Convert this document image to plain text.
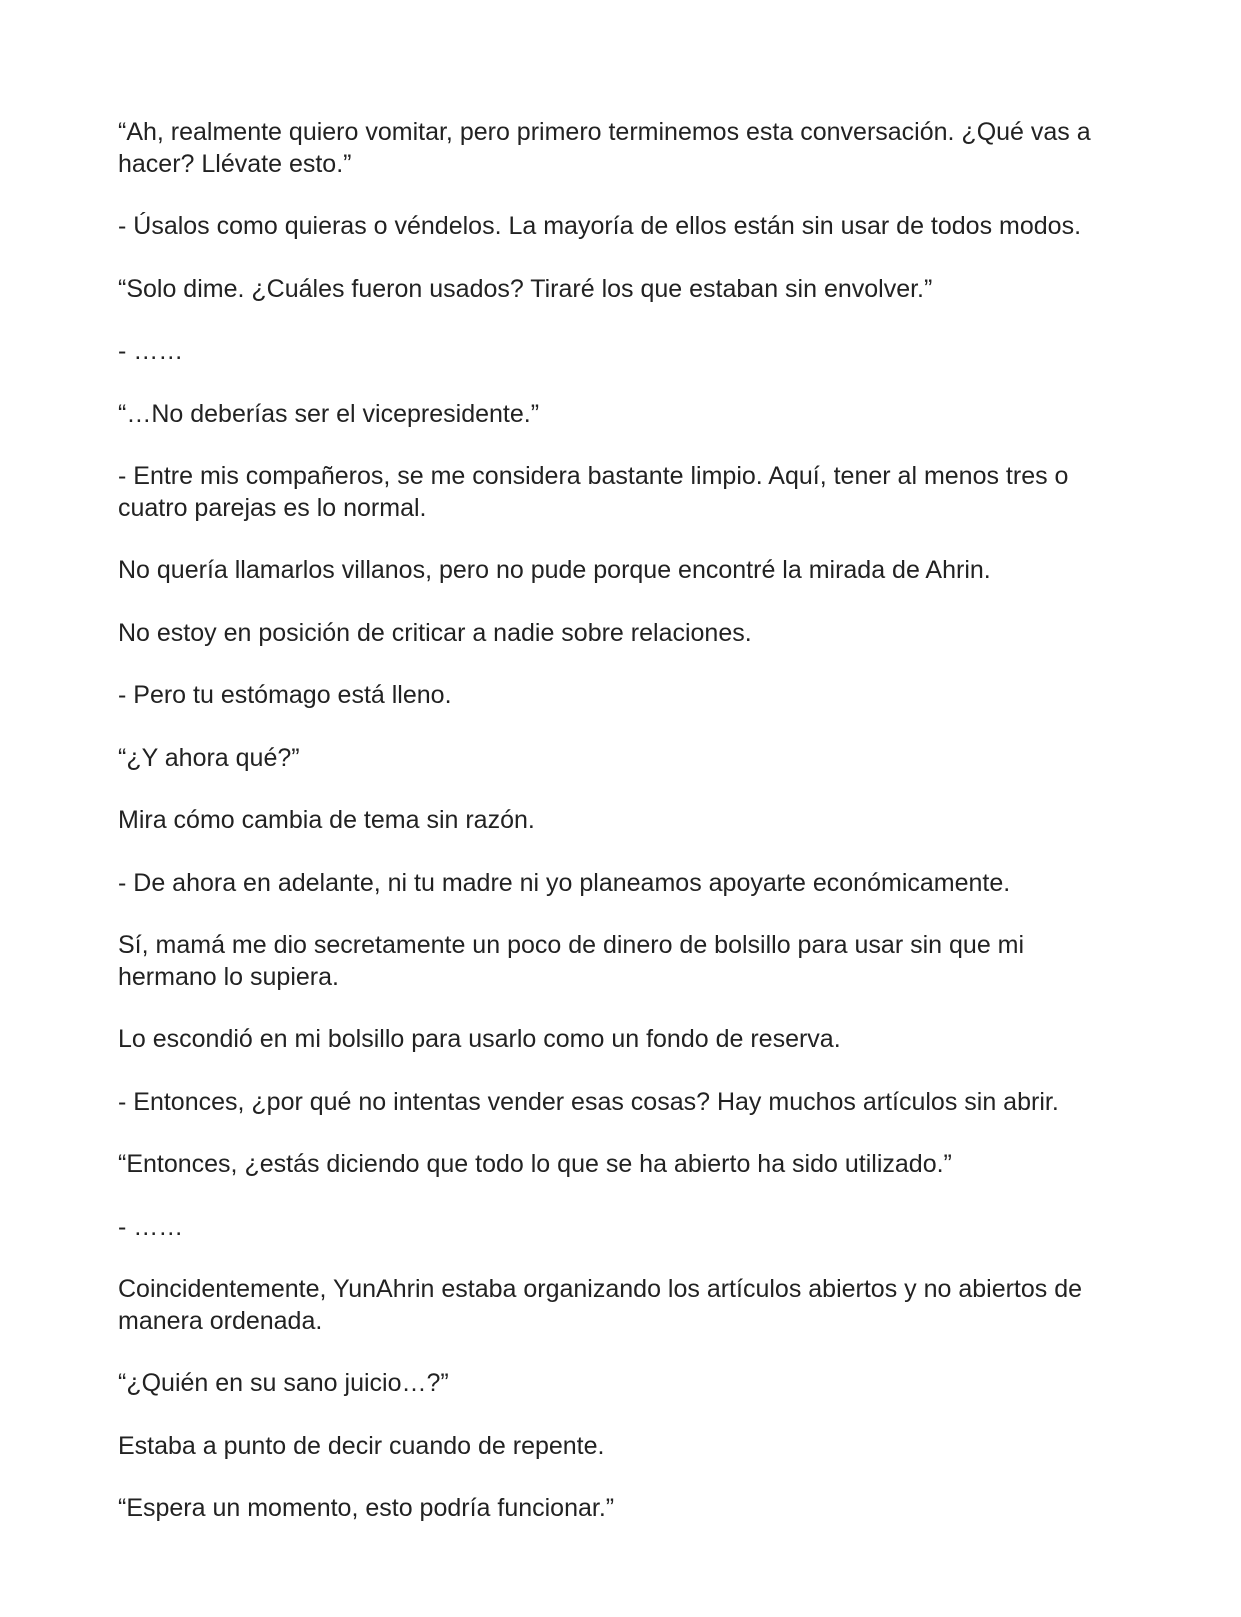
“Ah, realmente quiero vomitar, pero primero terminemos esta conversación. ¿Qué vas a hacer? Llévate esto.”

- Úsalos como quieras o véndelos. La mayoría de ellos están sin usar de todos modos.

“Solo dime. ¿Cuáles fueron usados? Tiraré los que estaban sin envolver.”

- ……

“…No deberías ser el vicepresidente.”

- Entre mis compañeros, se me considera bastante limpio. Aquí, tener al menos tres o cuatro parejas es lo normal.

No quería llamarlos villanos, pero no pude porque encontré la mirada de Ahrin.

No estoy en posición de criticar a nadie sobre relaciones.

- Pero tu estómago está lleno.

“¿Y ahora qué?”

Mira cómo cambia de tema sin razón.

- De ahora en adelante, ni tu madre ni yo planeamos apoyarte económicamente.

Sí, mamá me dio secretamente un poco de dinero de bolsillo para usar sin que mi hermano lo supiera.

Lo escondió en mi bolsillo para usarlo como un fondo de reserva.

- Entonces, ¿por qué no intentas vender esas cosas? Hay muchos artículos sin abrir.

“Entonces, ¿estás diciendo que todo lo que se ha abierto ha sido utilizado.”

- ……

Coincidentemente, YunAhrin estaba organizando los artículos abiertos y no abiertos de manera ordenada.

“¿Quién en su sano juicio…?”

Estaba a punto de decir cuando de repente.

“Espera un momento, esto podría funcionar.”
